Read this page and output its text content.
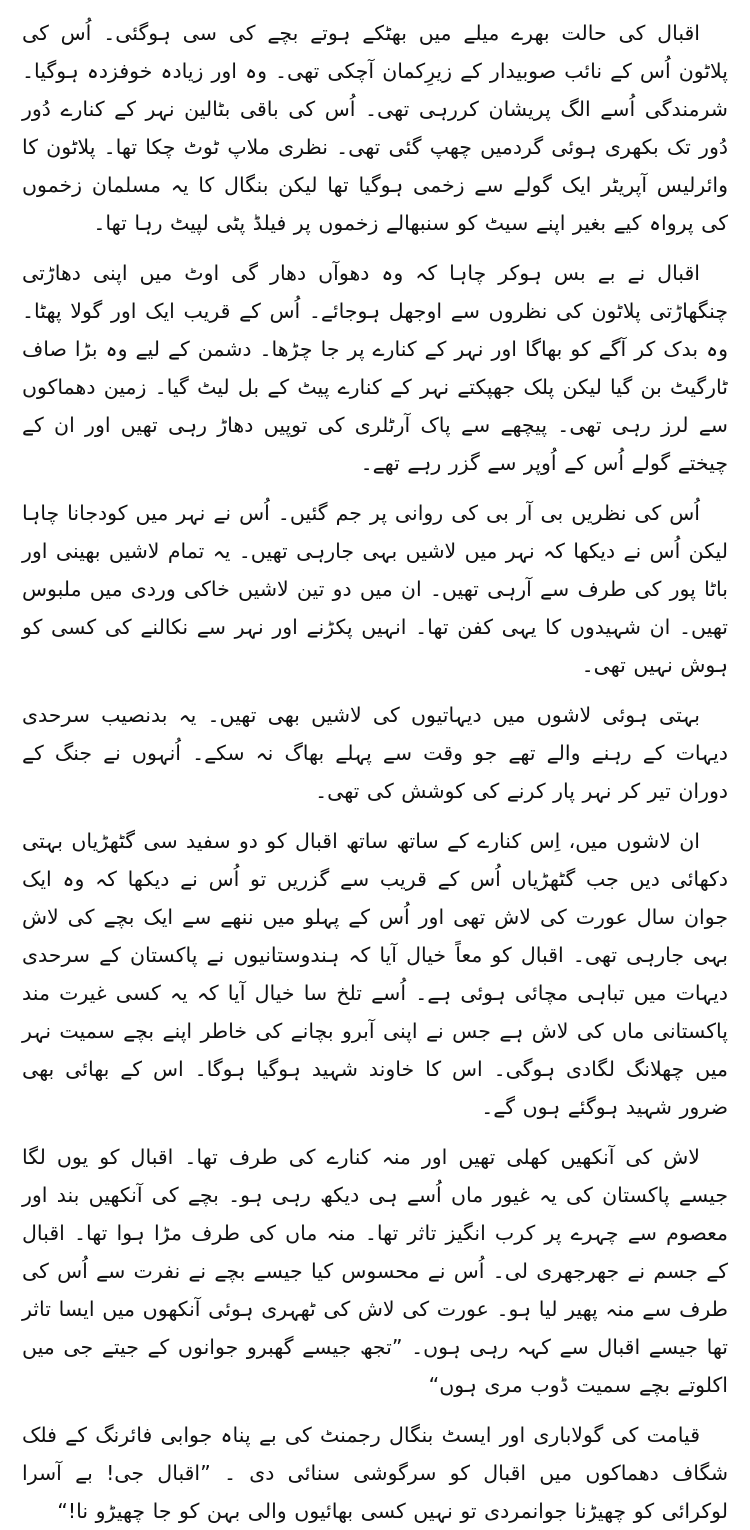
اقبال کی حالت بھرے میلے میں بھٹکے ہوتے بچے کی سی ہوگئی۔ اُس کی پلاٹون اُس کے نائب صوبیدار کے زیرِکمان آچکی تھی۔ وہ اور زیادہ خوفزدہ ہوگیا۔ شرمندگی اُسے الگ پریشان کررہی تھی۔ اُس کی باقی بٹالین نہر کے کنارے دُور دُور تک بکھری ہوئی گردمیں چھپ گئی تھی۔ نظری ملاپ ٹوٹ چکا تھا۔ پلاٹون کا وائرلیس آپریٹر ایک گولے سے زخمی ہوگیا تھا لیکن بنگال کا یہ مسلمان زخموں کی پرواہ کیے بغیر اپنے سیٹ کو سنبھالے زخموں پر فیلڈ پٹی لپیٹ رہا تھا۔

اقبال نے بے بس ہوکر چاہا کہ وہ دھوآں دھار گی اوٹ میں اپنی دھاڑتی چنگھاڑتی پلاٹون کی نظروں سے اوجھل ہوجائے۔ اُس کے قریب ایک اور گولا پھٹا۔ وہ بدک کر آگے کو بھاگا اور نہر کے کنارے پر جا چڑھا۔ دشمن کے لیے وہ بڑا صاف ٹارگیٹ بن گیا لیکن پلک جھپکتے نہر کے کنارے پیٹ کے بل لیٹ گیا۔ زمین دھماکوں سے لرز رہی تھی۔ پیچھے سے پاک آرٹلری کی توپیں دھاڑ رہی تھیں اور ان کے چیختے گولے اُس کے اُوپر سے گزر رہے تھے۔

اُس کی نظریں بی آر بی کی روانی پر جم گئیں۔ اُس نے نہر میں کودجانا چاہا لیکن اُس نے دیکھا کہ نہر میں لاشیں بہی جارہی تھیں۔ یہ تمام لاشیں بھینی اور باٹا پور کی طرف سے آرہی تھیں۔ ان میں دو تین لاشیں خاکی وردی میں ملبوس تھیں۔ ان شہیدوں کا یہی کفن تھا۔ انہیں پکڑنے اور نہر سے نکالنے کی کسی کو ہوش نہیں تھی۔

بہتی ہوئی لاشوں میں دیہاتیوں کی لاشیں بھی تھیں۔ یہ بدنصیب سرحدی دیہات کے رہنے والے تھے جو وقت سے پہلے بھاگ نہ سکے۔ اُنہوں نے جنگ کے دوران تیر کر نہر پار کرنے کی کوشش کی تھی۔

ان لاشوں میں، اِس کنارے کے ساتھ ساتھ اقبال کو دو سفید سی گٹھڑیاں بہتی دکھائی دیں جب گٹھڑیاں اُس کے قریب سے گزریں تو اُس نے دیکھا کہ وہ ایک جوان سال عورت کی لاش تھی اور اُس کے پہلو میں ننھے سے ایک بچے کی لاش بہی جارہی تھی۔ اقبال کو معاً خیال آیا کہ ہندوستانیوں نے پاکستان کے سرحدی دیہات میں تباہی مچائی ہوئی ہے۔ اُسے تلخ سا خیال آیا کہ یہ کسی غیرت مند پاکستانی ماں کی لاش ہے جس نے اپنی آبرو بچانے کی خاطر اپنے بچے سمیت نہر میں چھلانگ لگادی ہوگی۔ اس کا خاوند شہید ہوگیا ہوگا۔ اس کے بھائی بھی ضرور شہید ہوگئے ہوں گے۔

لاش کی آنکھیں کھلی تھیں اور منہ کنارے کی طرف تھا۔ اقبال کو یوں لگا جیسے پاکستان کی یہ غیور ماں اُسے ہی دیکھ رہی ہو۔ بچے کی آنکھیں بند اور معصوم سے چہرے پر کرب انگیز تاثر تھا۔ منہ ماں کی طرف مڑا ہوا تھا۔ اقبال کے جسم نے جھرجھری لی۔ اُس نے محسوس کیا جیسے بچے نے نفرت سے اُس کی طرف سے منہ پھیر لیا ہو۔ عورت کی لاش کی ٹھہری ہوئی آنکھوں میں ایسا تاثر تھا جیسے اقبال سے کہہ رہی ہوں۔ ”تجھ جیسے گھبرو جوانوں کے جیتے جی میں اکلوتے بچے سمیت ڈوب مری ہوں“

قیامت کی گولاباری اور ایسٹ بنگال رجمنٹ کی بے پناہ جوابی فائرنگ کے فلک شگاف دھماکوں میں اقبال کو سرگوشی سنائی دی ۔ ”اقبال جی! بے آسرا لوکرائی کو چھیڑنا جوانمردی تو نہیں کسی بھائیوں والی بہن کو جا چھیڑو نا!“
